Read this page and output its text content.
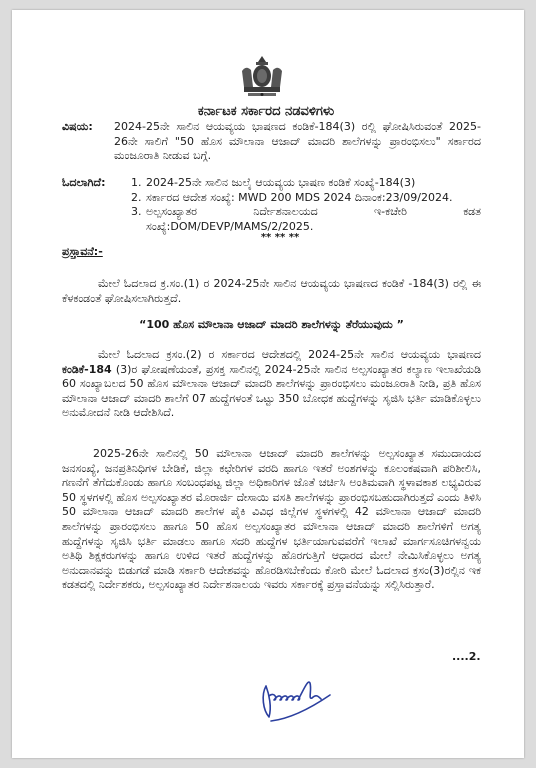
ಕರ್ನಾಟಕ ಸರ್ಕಾರದ ನಡವಳಿಗಳು
ವಿಷಯ:	2024-25ನೇ ಸಾಲಿನ ಆಯವ್ಯಯ ಭಾಷಣದ ಕಂಡಿಕೆ-184(3) ರಲ್ಲಿ ಘೋಷಿಸಿರುವಂತೆ 2025-26ನೇ ಸಾಲಿಗೆ "50 ಹೊಸ ಮೌಲಾನಾ ಆಜಾದ್ ಮಾದರಿ ಶಾಲೆಗಳನ್ನು ಪ್ರಾರಂಭಿಸಲು" ಸರ್ಕಾರದ ಮಂಜೂರಾತಿ ನೀಡುವ ಬಗ್ಗೆ.
ಓದಲಾಗಿದೆ:	1. 2024-25ನೇ ಸಾಲಿನ ಜುಲೈ ಆಯವ್ಯಯ ಭಾಷಣ ಕಂಡಿಕೆ ಸಂಖ್ಯೆ-184(3)
2. ಸರ್ಕಾರದ ಆದೇಶ ಸಂಖ್ಯೆ: MWD 200 MDS 2024 ದಿನಾಂಕ:23/09/2024.
3. ಅಲ್ಪಸಂಖ್ಯಾತರ ನಿರ್ದೇಶನಾಲಯದ ಇ-ಕಚೇರಿ ಕಡತ ಸಂಖ್ಯೆ:DOM/DEVP/MAMS/2/2025.
** ** **
ಪ್ರಸ್ತಾವನೆ:-
ಮೇಲೆ ಓದಲಾದ ಕ್ರ.ಸಂ.(1) ರ 2024-25ನೇ ಸಾಲಿನ ಆಯವ್ಯಯ ಭಾಷಣದ ಕಂಡಿಕೆ -184(3) ರಲ್ಲಿ ಈ ಕೆಳಕಂಡಂತೆ ಘೋಷಿಸಲಾಗಿರುತ್ತದೆ.
“100 ಹೊಸ ಮೌಲಾನಾ ಆಜಾದ್ ಮಾದರಿ ಶಾಲೆಗಳನ್ನು ತೆರೆಯುವುದು ”
ಮೇಲೆ ಓದಲಾದ ಕ್ರಸಂ.(2) ರ ಸರ್ಕಾರದ ಆದೇಶದಲ್ಲಿ 2024-25ನೇ ಸಾಲಿನ ಆಯವ್ಯಯ ಭಾಷಣದ ಕಂಡಿಕೆ-184 (3)ರ ಘೋಷಣೆಯಂತೆ, ಪ್ರಸಕ್ತ ಸಾಲಿನಲ್ಲಿ 2024-25ನೇ ಸಾಲಿನ ಅಲ್ಪಸಂಖ್ಯಾತರ ಕಲ್ಯಾಣ ಇಲಾಖೆಯಡಿ 60 ಸಂಖ್ಯಾಬಲದ 50 ಹೊಸ ಮೌಲಾನಾ ಆಜಾದ್ ಮಾದರಿ ಶಾಲೆಗಳನ್ನು ಪ್ರಾರಂಭಿಸಲು ಮಂಜೂರಾತಿ ನೀಡಿ, ಪ್ರತಿ ಹೊಸ ಮೌಲಾನಾ ಆಜಾದ್ ಮಾದರಿ ಶಾಲೆಗೆ 07 ಹುದ್ದೆಗಳಂತೆ ಒಟ್ಟು 350 ಬೋಧಕ ಹುದ್ದೆಗಳನ್ನು ಸೃಜಿಸಿ ಭರ್ತಿ ಮಾಡಿಕೊಳ್ಳಲು ಅನುಮೋದನೆ ನೀಡಿ ಆದೇಶಿಸಿದೆ.
2025-26ನೇ ಸಾಲಿನಲ್ಲಿ 50 ಮೌಲಾನಾ ಆಜಾದ್ ಮಾದರಿ ಶಾಲೆಗಳನ್ನು ಅಲ್ಪಸಂಖ್ಯಾತ ಸಮುದಾಯದ ಜನಸಂಖ್ಯೆ, ಜನಪ್ರತಿನಿಧಿಗಳ ಬೇಡಿಕೆ, ಜಿಲ್ಲಾ ಕಛೇರಿಗಳ ವರದಿ ಹಾಗೂ ಇತರೆ ಅಂಶಗಳನ್ನು ಕೂಲಂಕಷವಾಗಿ ಪರಿಶೀಲಿಸಿ, ಗಣನೆಗೆ ತೆಗೆದುಕೊಂಡು ಹಾಗೂ ಸಂಬಂಧಪಟ್ಟ ಜಿಲ್ಲಾ ಅಧಿಕಾರಿಗಳ ಜೊತೆ ಚರ್ಚಿಸಿ ಅಂತಿಮವಾಗಿ ಸ್ಥಳಾವಕಾಶ ಲಭ್ಯವಿರುವ 50 ಸ್ಥಳಗಳಲ್ಲಿ ಹೊಸ ಅಲ್ಪಸಂಖ್ಯಾತರ ಮೊರಾರ್ಜಿ ದೇಸಾಯಿ ವಸತಿ ಶಾಲೆಗಳನ್ನು ಪ್ರಾರಂಭಿಸಬಹುದಾಗಿರುತ್ತದೆ ಎಂದು ತಿಳಿಸಿ 50 ಮೌಲಾನಾ ಆಜಾದ್ ಮಾದರಿ ಶಾಲೆಗಳ ಪೈಕಿ ವಿವಿಧ ಜಿಲ್ಲೆಗಳ ಸ್ಥಳಗಳಲ್ಲಿ 42 ಮೌಲಾನಾ ಆಜಾದ್ ಮಾದರಿ ಶಾಲೆಗಳನ್ನು ಪ್ರಾರಂಭಿಸಲು ಹಾಗೂ 50 ಹೊಸ ಅಲ್ಪಸಂಖ್ಯಾತರ ಮೌಲಾನಾ ಆಜಾದ್ ಮಾದರಿ ಶಾಲೆಗಳಿಗೆ ಅಗತ್ಯ ಹುದ್ದೆಗಳನ್ನು ಸೃಜಿಸಿ ಭರ್ತಿ ಮಾಡಲು ಹಾಗೂ ಸದರಿ ಹುದ್ದೆಗಳ ಭರ್ತಿಯಾಗುವವರೆಗೆ ಇಲಾಖೆ ಮಾರ್ಗಸೂಚಿಗಳನ್ವಯ ಅತಿಥಿ ಶಿಕ್ಷಕರುಗಳನ್ನು ಹಾಗೂ ಉಳಿದ ಇತರೆ ಹುದ್ದೆಗಳನ್ನು ಹೊರಗುತ್ತಿಗೆ ಆಧಾರದ ಮೇಲೆ ನೇಮಿಸಿಕೊಳ್ಳಲು ಅಗತ್ಯ ಅನುದಾನವನ್ನು ಬಿಡುಗಡೆ ಮಾಡಿ ಸರ್ಕಾರಿ ಆದೇಶವನ್ನು ಹೊರಡಿಸಬೇಕೆಂದು ಕೋರಿ ಮೇಲೆ ಓದಲಾದ ಕ್ರಸಂ(3)ರಲ್ಲಿನ ಇಕ ಕಡತದಲ್ಲಿ ನಿರ್ದೇಶಕರು, ಅಲ್ಪಸಂಖ್ಯಾತರ ನಿರ್ದೇಶನಾಲಯ ಇವರು ಸರ್ಕಾರಕ್ಕೆ ಪ್ರಸ್ತಾವನೆಯನ್ನು ಸಲ್ಲಿಸಿರುತ್ತಾರೆ.
....2.
